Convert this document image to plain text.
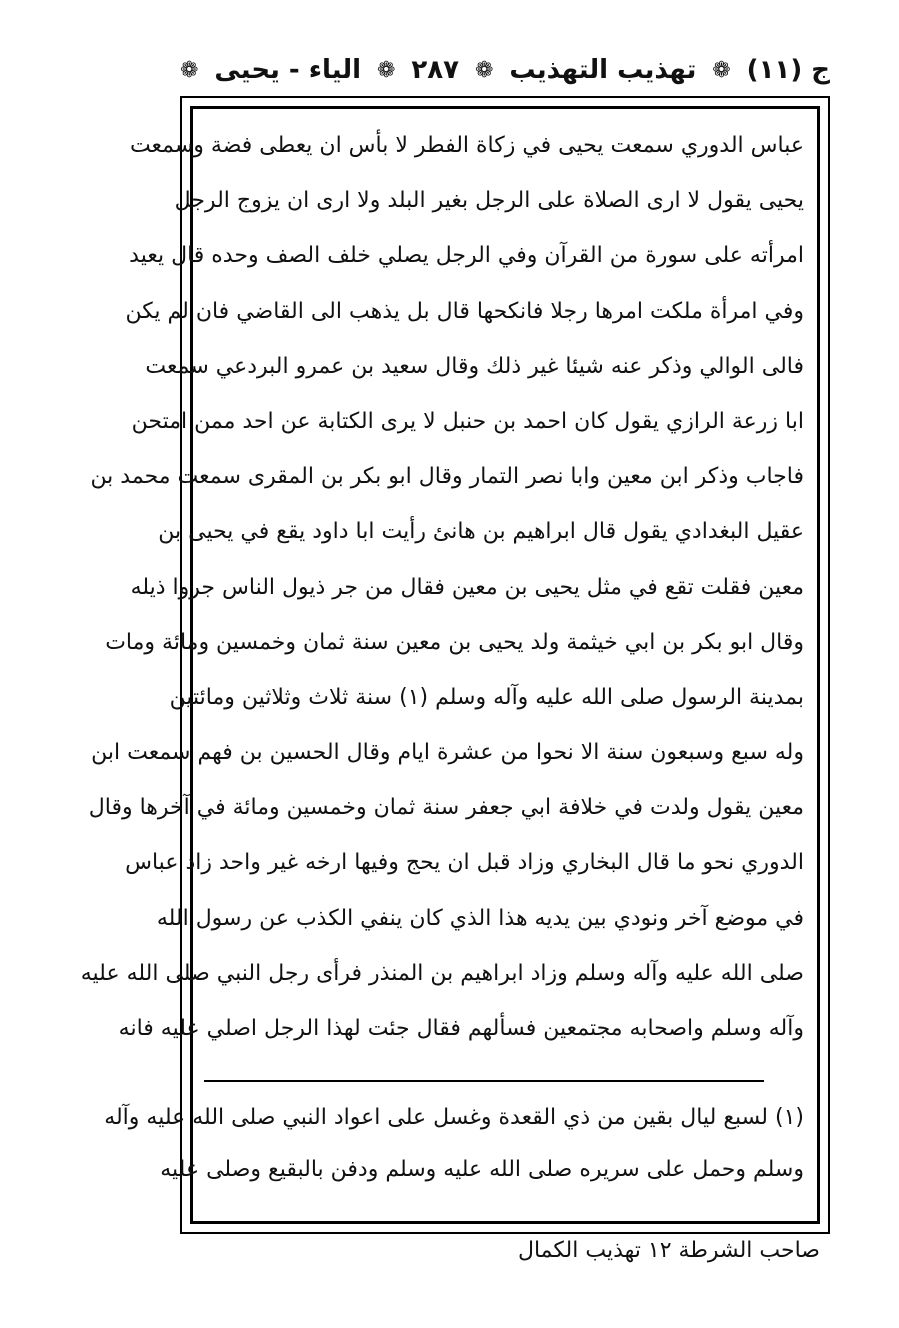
ج (١١)
❁
تهذيب التهذيب
❁
٢٨٧
❁
الياء - يحيى
❁
عباس الدوري سمعت يحيى في زكاة الفطر لا بأس ان يعطى فضة وسمعت
يحيى يقول لا ارى الصلاة على الرجل بغير البلد ولا ارى ان يزوج الرجل
امرأته على سورة من القرآن وفي الرجل يصلي خلف الصف وحده قال يعيد
وفي امرأة ملكت امرها رجلا فانكحها قال بل يذهب الى القاضي فان لم يكن
فالى الوالي وذكر عنه شيئا غير ذلك وقال سعيد بن عمرو البردعي سمعت
ابا زرعة الرازي يقول كان احمد بن حنبل لا يرى الكتابة عن احد ممن امتحن
فاجاب وذكر ابن معين وابا نصر التمار وقال ابو بكر بن المقرى سمعت محمد بن
عقيل البغدادي يقول قال ابراهيم بن هانئ رأيت ابا داود يقع في يحيى بن
معين فقلت تقع في مثل يحيى بن معين فقال من جر ذيول الناس جروا ذيله
وقال ابو بكر بن ابي خيثمة ولد يحيى بن معين سنة ثمان وخمسين ومائة ومات
بمدينة الرسول صلى الله عليه وآله وسلم (١) سنة ثلاث وثلاثين ومائتين
وله سبع وسبعون سنة الا نحوا من عشرة ايام وقال الحسين بن فهم سمعت ابن
معين يقول ولدت في خلافة ابي جعفر سنة ثمان وخمسين ومائة في آخرها وقال
الدوري نحو ما قال البخاري وزاد قبل ان يحج وفيها ارخه غير واحد زاد عباس
في موضع آخر ونودي بين يديه هذا الذي كان ينفي الكذب عن رسول الله
صلى الله عليه وآله وسلم وزاد ابراهيم بن المنذر فرأى رجل النبي صلى الله عليه
وآله وسلم واصحابه مجتمعين فسألهم فقال جئت لهذا الرجل اصلي عليه فانه
(١) لسبع ليال بقين من ذي القعدة وغسل على اعواد النبي صلى الله عليه وآله
وسلم وحمل على سريره صلى الله عليه وسلم ودفن بالبقيع وصلى عليه
صاحب الشرطة ١٢ تهذيب الكمال
